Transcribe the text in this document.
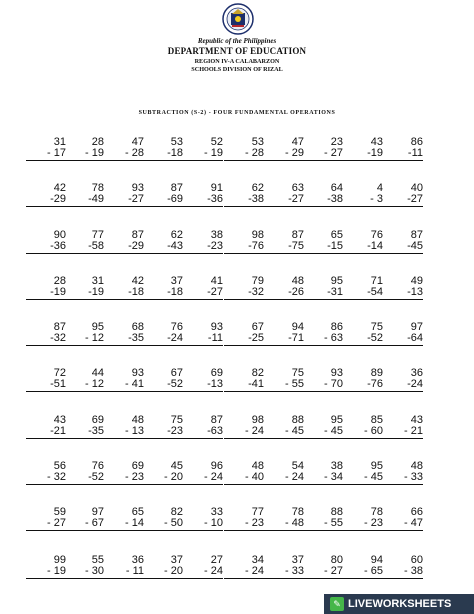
Republic of the Philippines
DEPARTMENT OF EDUCATION
REGION IV-A CALABARZON
SCHOOLS DIVISION OF RIZAL
SUBTRACTION (S-2) - FOUR FUNDAMENTAL OPERATIONS
31
- 17
28
- 19
47
- 28
53
-18
52
- 19
53
- 28
47
- 29
23
- 27
43
-19
86
-11
42
-29
78
-49
93
-27
87
-69
91
-36
62
-38
63
-27
64
-38
4
- 3
40
-27
90
-36
77
-58
87
-29
62
-43
38
-23
98
-76
87
-75
65
-15
76
-14
87
-45
28
-19
31
-19
42
-18
37
-18
41
-27
79
-32
48
-26
95
-31
71
-54
49
-13
87
-32
95
- 12
68
-35
76
-24
93
-11
67
-25
94
-71
86
- 63
75
-52
97
-64
72
-51
44
- 12
93
- 41
67
-52
69
-13
82
-41
75
- 55
93
- 70
89
-76
36
-24
43
-21
69
-35
48
- 13
75
-23
87
-63
98
- 24
88
- 45
95
- 45
85
- 60
43
- 21
56
- 32
76
-52
69
- 23
45
- 20
96
- 24
48
- 40
54
- 24
38
- 34
95
- 45
48
- 33
59
- 27
97
- 67
65
- 14
82
- 50
33
- 10
77
- 23
78
- 48
88
- 55
78
- 23
66
- 47
99
- 19
55
- 30
36
- 11
37
- 20
27
- 24
34
- 24
37
- 33
80
- 27
94
- 65
60
- 38
✎ LIVEWORKSHEETS
